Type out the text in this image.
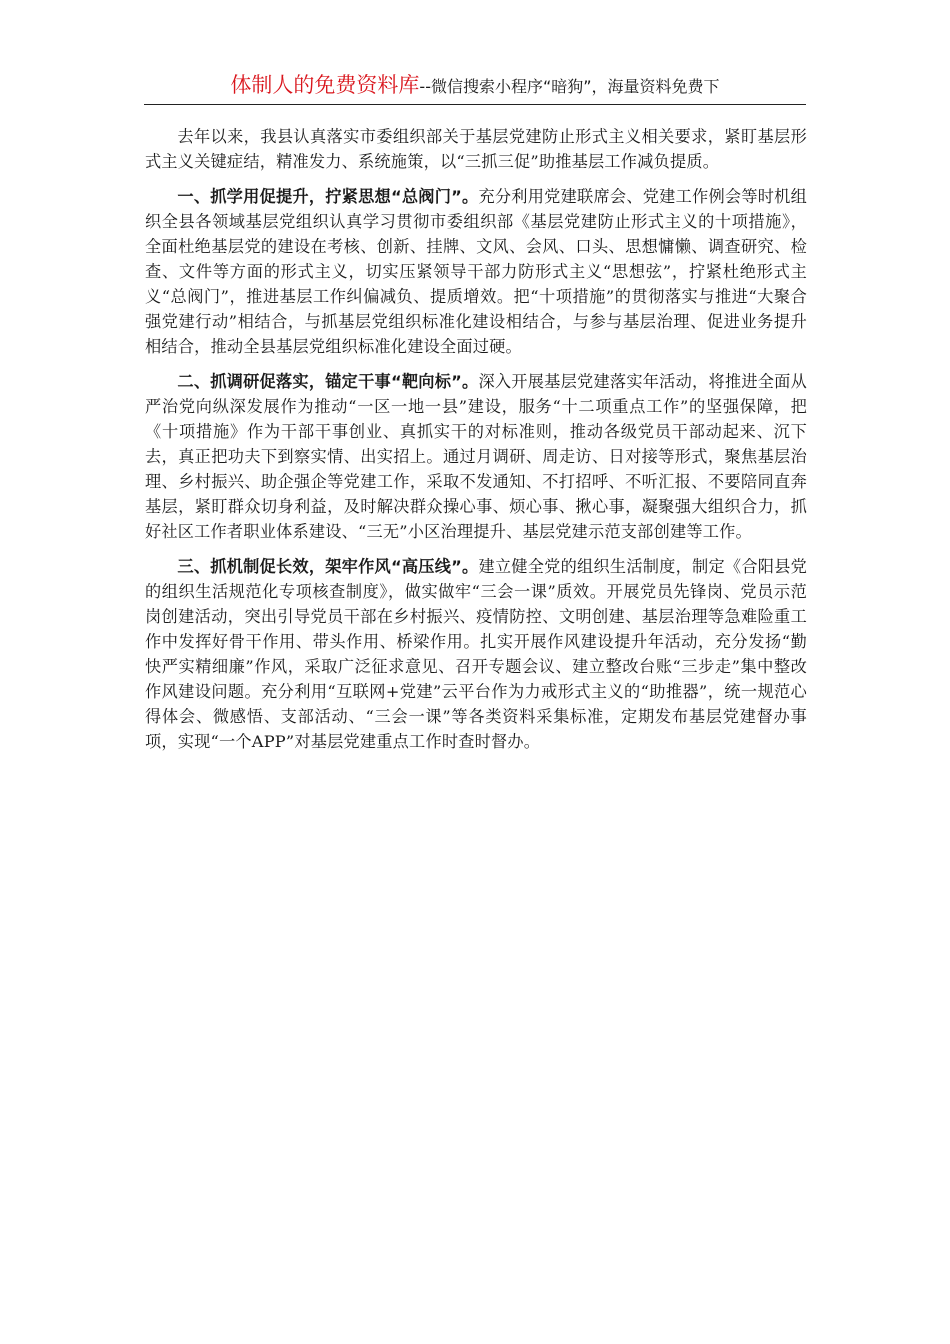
体制人的免费资料库--微信搜索小程序“暗狗”，海量资料免费下

去年以来，我县认真落实市委组织部关于基层党建防止形式主义相关要求，紧盯基层形式主义关键症结，精准发力、系统施策，以“三抓三促”助推基层工作减负提质。

一、抓学用促提升，拧紧思想“总阀门”。充分利用党建联席会、党建工作例会等时机组织全县各领域基层党组织认真学习贯彻市委组织部《基层党建防止形式主义的十项措施》，全面杜绝基层党的建设在考核、创新、挂牌、文风、会风、口头、思想慵懒、调查研究、检查、文件等方面的形式主义，切实压紧领导干部力防形式主义“思想弦”，拧紧杜绝形式主义“总阀门”，推进基层工作纠偏减负、提质增效。把“十项措施”的贯彻落实与推进“大聚合强党建行动”相结合，与抓基层党组织标准化建设相结合，与参与基层治理、促进业务提升相结合，推动全县基层党组织标准化建设全面过硬。

二、抓调研促落实，锚定干事“靶向标”。深入开展基层党建落实年活动，将推进全面从严治党向纵深发展作为推动“一区一地一县”建设，服务“十二项重点工作”的坚强保障，把《十项措施》作为干部干事创业、真抓实干的对标准则，推动各级党员干部动起来、沉下去，真正把功夫下到察实情、出实招上。通过月调研、周走访、日对接等形式，聚焦基层治理、乡村振兴、助企强企等党建工作，采取不发通知、不打招呼、不听汇报、不要陪同直奔基层，紧盯群众切身利益，及时解决群众操心事、烦心事、揪心事，凝聚强大组织合力，抓好社区工作者职业体系建设、“三无”小区治理提升、基层党建示范支部创建等工作。

三、抓机制促长效，架牢作风“高压线”。建立健全党的组织生活制度，制定《合阳县党的组织生活规范化专项核查制度》，做实做牢“三会一课”质效。开展党员先锋岗、党员示范岗创建活动，突出引导党员干部在乡村振兴、疫情防控、文明创建、基层治理等急难险重工作中发挥好骨干作用、带头作用、桥梁作用。扎实开展作风建设提升年活动，充分发扬“勤快严实精细廉”作风，采取广泛征求意见、召开专题会议、建立整改台账“三步走”集中整改作风建设问题。充分利用“互联网+党建”云平台作为力戒形式主义的“助推器”，统一规范心得体会、微感悟、支部活动、“三会一课”等各类资料采集标准，定期发布基层党建督办事项，实现“一个APP”对基层党建重点工作时查时督办。
